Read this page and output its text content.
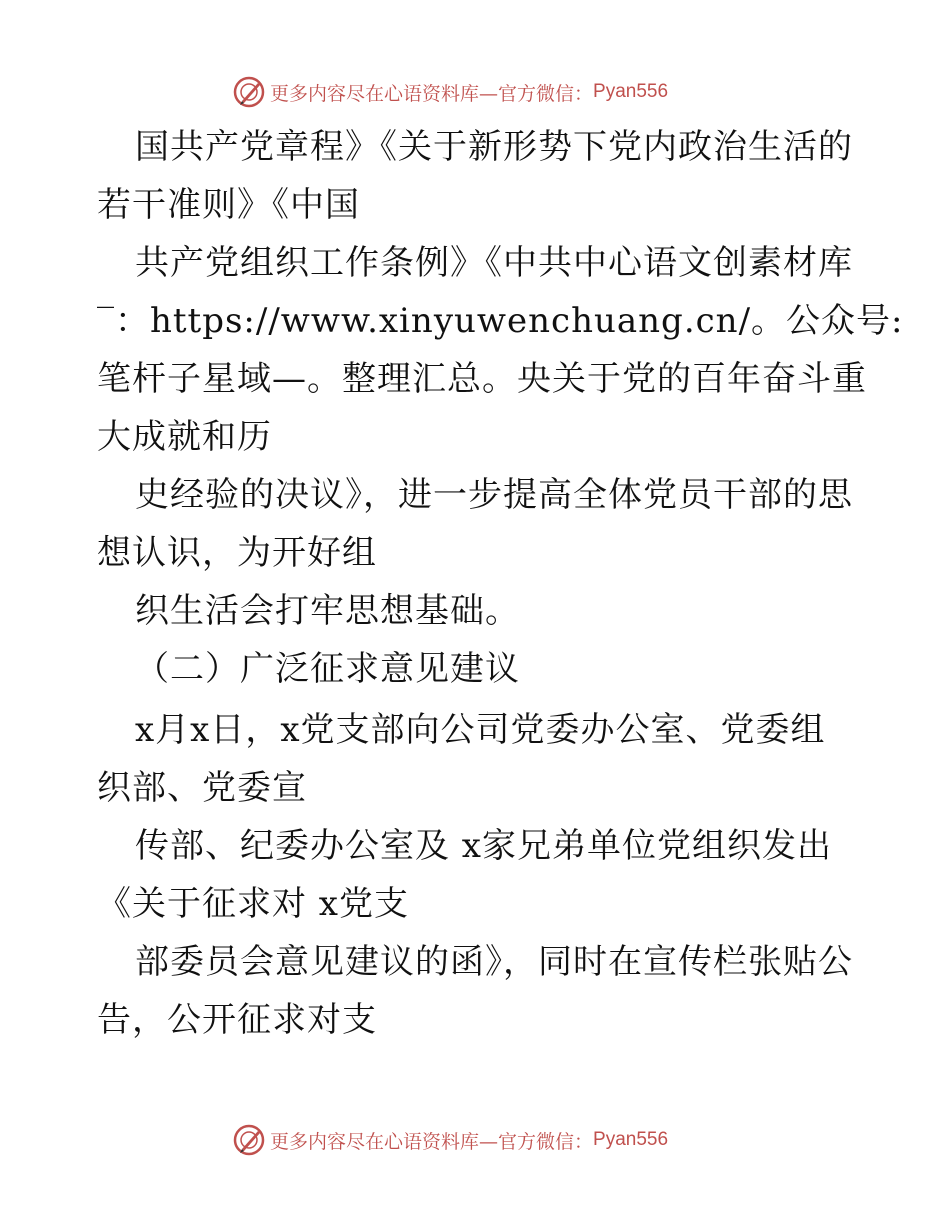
更多内容尽在心语资料库—官方微信： Pyan556
国共产党章程》《关于新形势下党内政治生活的
若干准则》《中国
共产党组织工作条例》《中共中心语文创素材库
‾：https://www.xinyuwenchuang.cn/。公众号:
笔杆子星域—。整理汇总。央关于党的百年奋斗重
大成就和历
史经验的决议》，进一步提高全体党员干部的思
想认识，为开好组
织生活会打牢思想基础。
（二）广泛征求意见建议
x月x日，x党支部向公司党委办公室、党委组
织部、党委宣
传部、纪委办公室及 x家兄弟单位党组织发出
《关于征求对 x党支
部委员会意见建议的函》，同时在宣传栏张贴公
告，公开征求对支
更多内容尽在心语资料库—官方微信： Pyan556
